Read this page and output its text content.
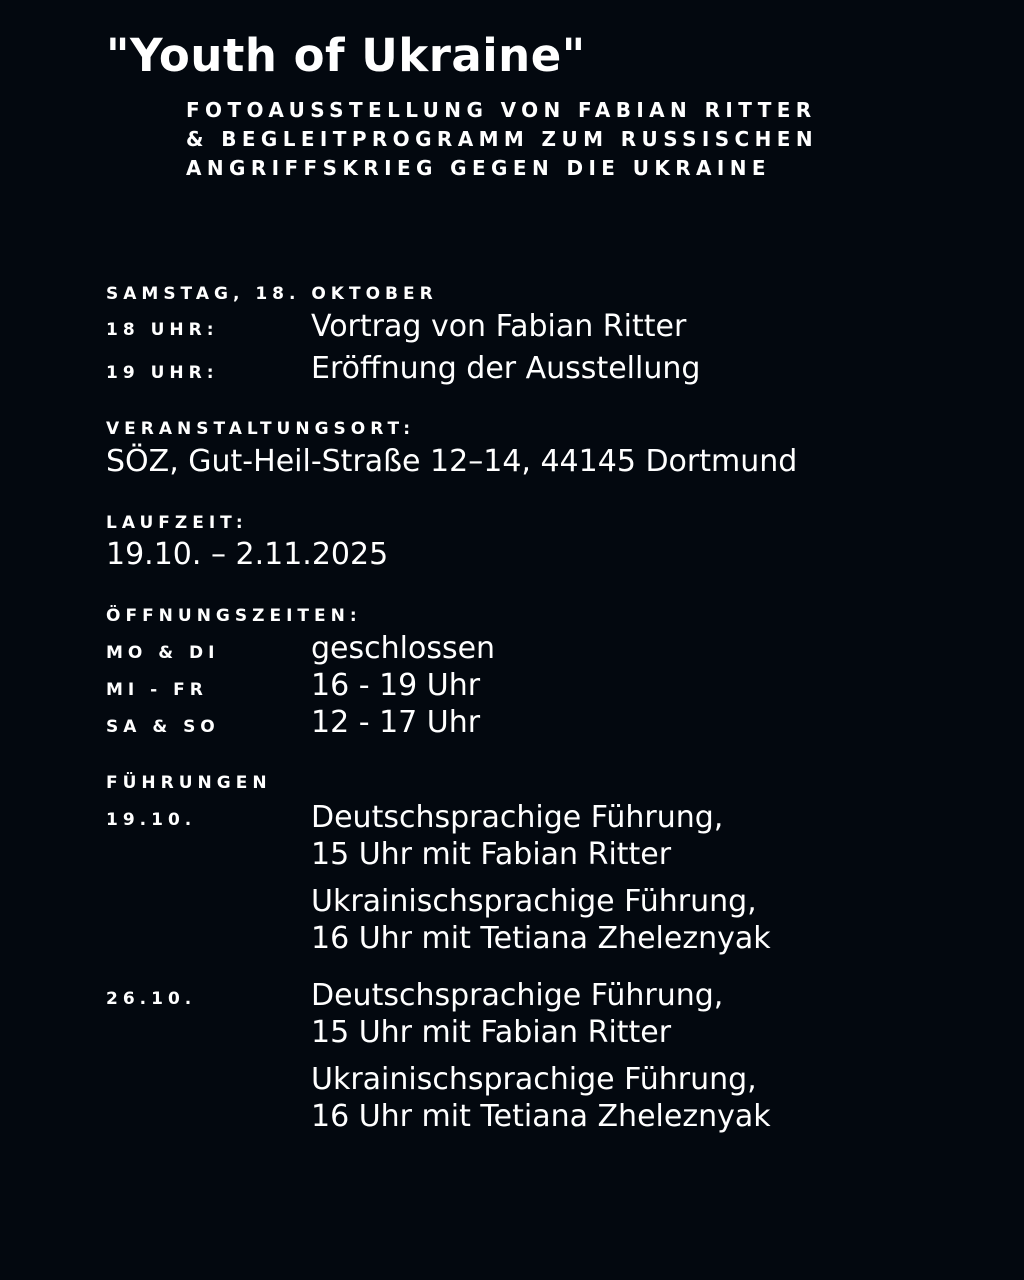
"Youth of Ukraine"
FOTOAUSSTELLUNG VON FABIAN RITTER
& BEGLEITPROGRAMM ZUM RUSSISCHEN
ANGRIFFSKRIEG GEGEN DIE UKRAINE
SAMSTAG, 18. OKTOBER
18 UHR:	Vortrag von Fabian Ritter
19 UHR:	Eröffnung der Ausstellung
VERANSTALTUNGSORT:
SÖZ, Gut-Heil-Straße 12–14, 44145 Dortmund
LAUFZEIT:
19.10. – 2.11.2025
ÖFFNUNGSZEITEN:
MO & DI	geschlossen
MI - FR	16 - 19 Uhr
SA & SO	12 - 17 Uhr
FÜHRUNGEN
19.10.	Deutschsprachige Führung,
15 Uhr mit Fabian Ritter
Ukrainischsprachige Führung,
16 Uhr mit Tetiana Zheleznyak
26.10.	Deutschsprachige Führung,
15 Uhr mit Fabian Ritter
Ukrainischsprachige Führung,
16 Uhr mit Tetiana Zheleznyak
